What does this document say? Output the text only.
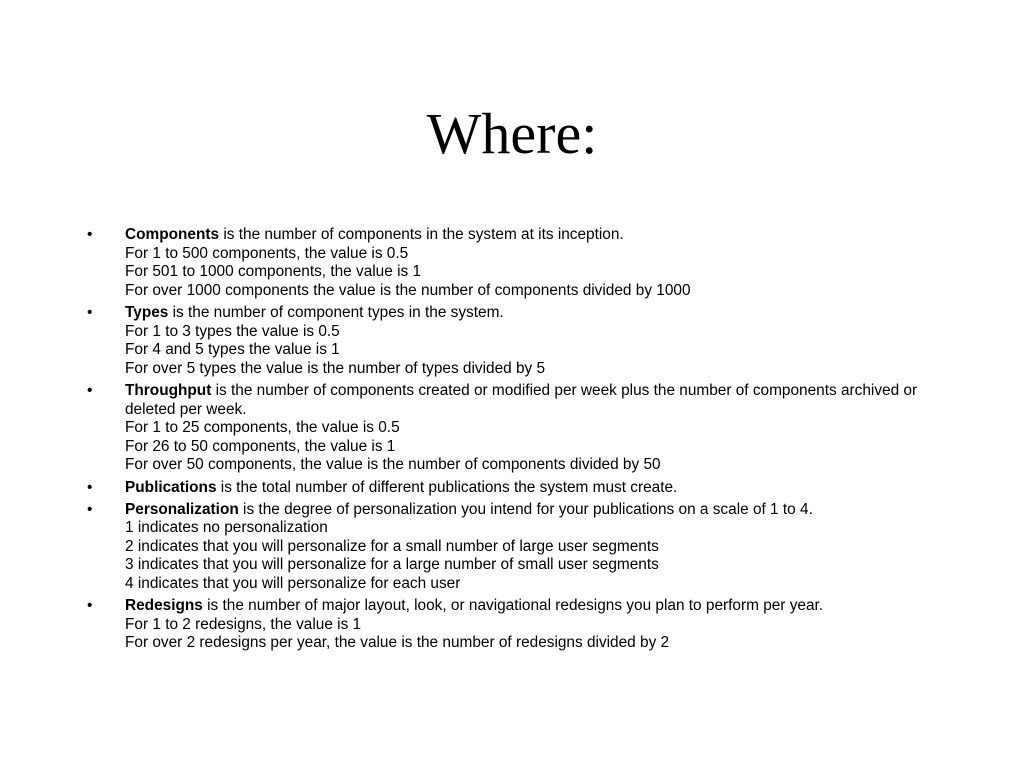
Where:
•	Components is the number of components in the system at its inception.
For 1 to 500 components, the value is 0.5
For 501 to 1000 components, the value is 1
For over 1000 components the value is the number of components divided by 1000
•	Types is the number of component types in the system.
For 1 to 3 types the value is 0.5
For 4 and 5 types the value is 1
For over 5 types the value is the number of types divided by 5
•	Throughput is the number of components created or modified per week plus the number of components archived or deleted per week.
For 1 to 25 components, the value is 0.5
For 26 to 50 components, the value is 1
For over 50 components, the value is the number of components divided by 50
•	Publications is the total number of different publications the system must create.
•	Personalization is the degree of personalization you intend for your publications on a scale of 1 to 4.
1 indicates no personalization
2 indicates that you will personalize for a small number of large user segments
3 indicates that you will personalize for a large number of small user segments
4 indicates that you will personalize for each user
•	Redesigns is the number of major layout, look, or navigational redesigns you plan to perform per year.
For 1 to 2 redesigns, the value is 1
For over 2 redesigns per year, the value is the number of redesigns divided by 2
